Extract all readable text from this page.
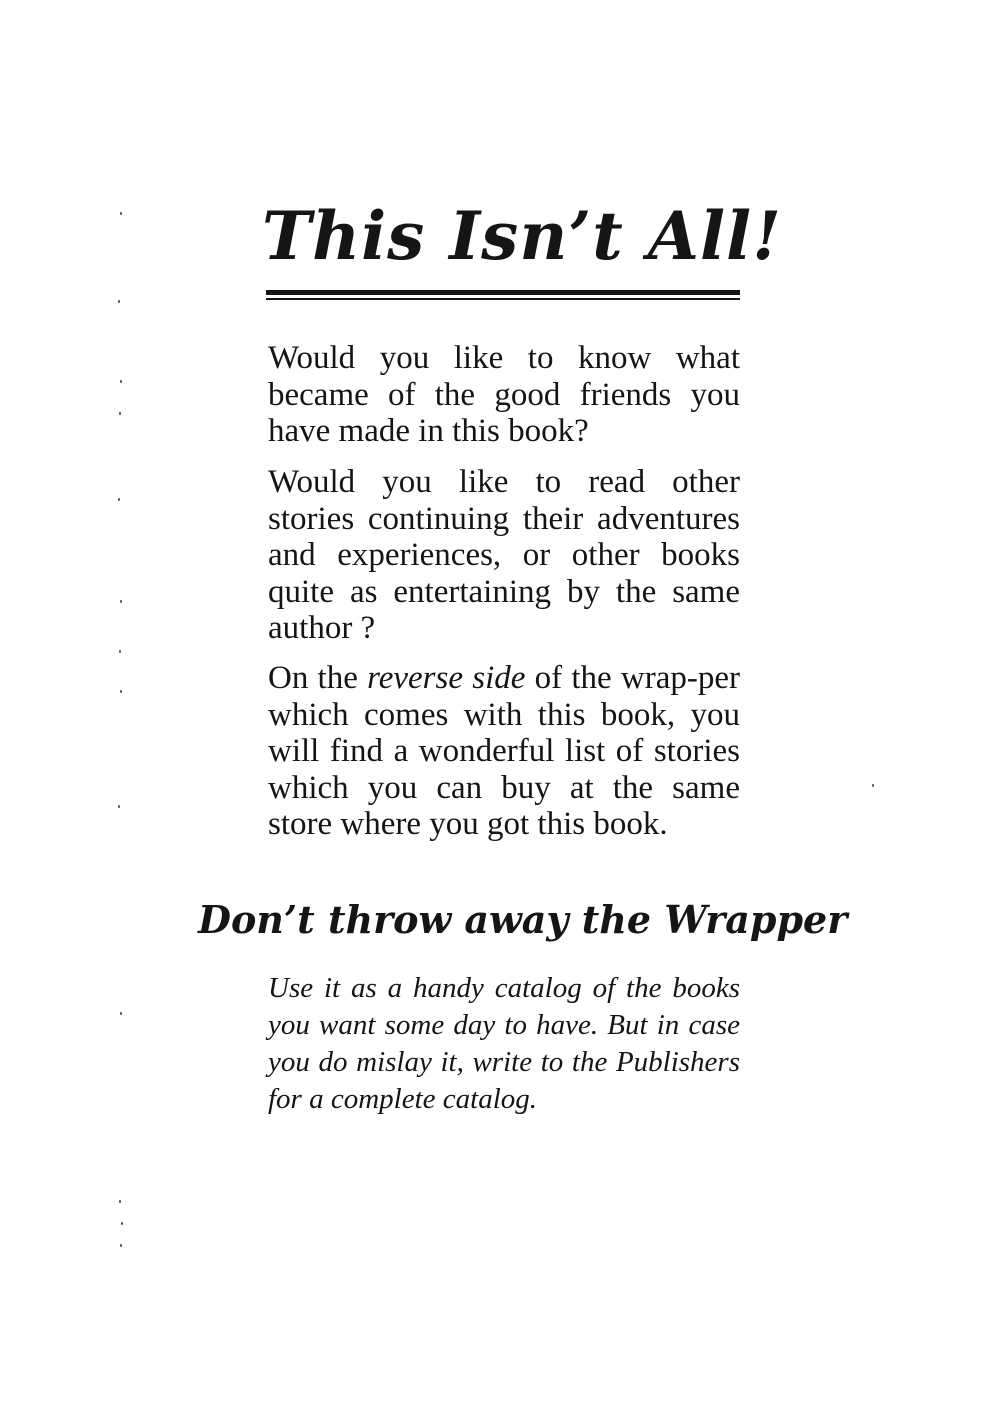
This Isn’t All!

Would you like to know what became of the good friends you have made in this book?

Would you like to read other stories continuing their adventures and experiences, or other books quite as entertaining by the same author ?

On the reverse side of the wrap-per which comes with this book, you will find a wonderful list of stories which you can buy at the same store where you got this book.

Don’t throw away the Wrapper

Use it as a handy catalog of the books you want some day to have. But in case you do mislay it, write to the Publishers for a complete catalog.
